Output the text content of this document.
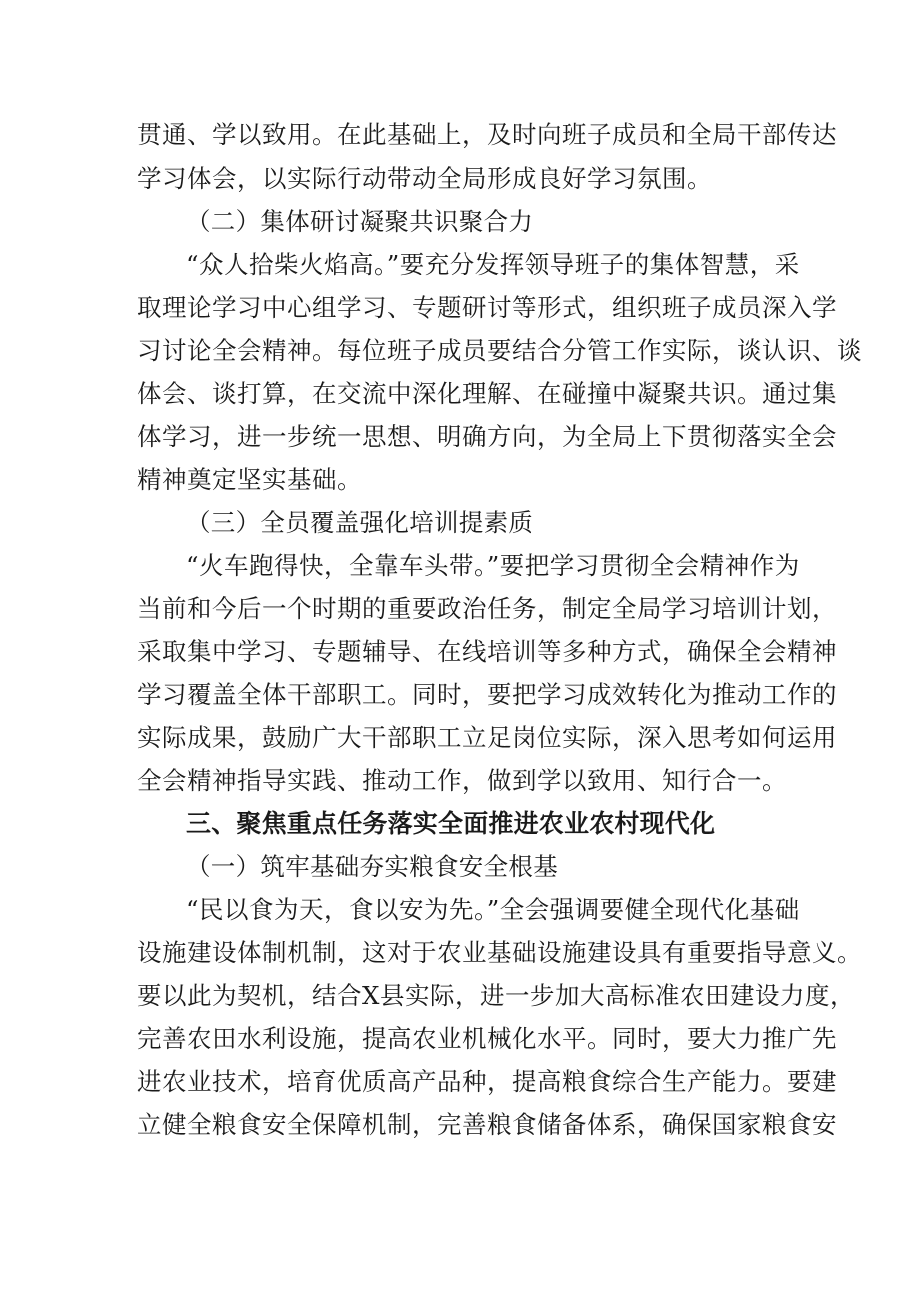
贯通、学以致用。在此基础上，及时向班子成员和全局干部传达
学习体会，以实际行动带动全局形成良好学习氛围。
（二）集体研讨凝聚共识聚合力
“众人拾柴火焰高。”要充分发挥领导班子的集体智慧，采
取理论学习中心组学习、专题研讨等形式，组织班子成员深入学
习讨论全会精神。每位班子成员要结合分管工作实际，谈认识、谈
体会、谈打算，在交流中深化理解、在碰撞中凝聚共识。通过集
体学习，进一步统一思想、明确方向，为全局上下贯彻落实全会
精神奠定坚实基础。
（三）全员覆盖强化培训提素质
“火车跑得快，全靠车头带。”要把学习贯彻全会精神作为
当前和今后一个时期的重要政治任务，制定全局学习培训计划，
采取集中学习、专题辅导、在线培训等多种方式，确保全会精神
学习覆盖全体干部职工。同时，要把学习成效转化为推动工作的
实际成果，鼓励广大干部职工立足岗位实际，深入思考如何运用
全会精神指导实践、推动工作，做到学以致用、知行合一。
三、聚焦重点任务落实全面推进农业农村现代化
（一）筑牢基础夯实粮食安全根基
“民以食为天，食以安为先。”全会强调要健全现代化基础
设施建设体制机制，这对于农业基础设施建设具有重要指导意义。
要以此为契机，结合X县实际，进一步加大高标准农田建设力度，
完善农田水利设施，提高农业机械化水平。同时，要大力推广先
进农业技术，培育优质高产品种，提高粮食综合生产能力。要建
立健全粮食安全保障机制，完善粮食储备体系，确保国家粮食安
